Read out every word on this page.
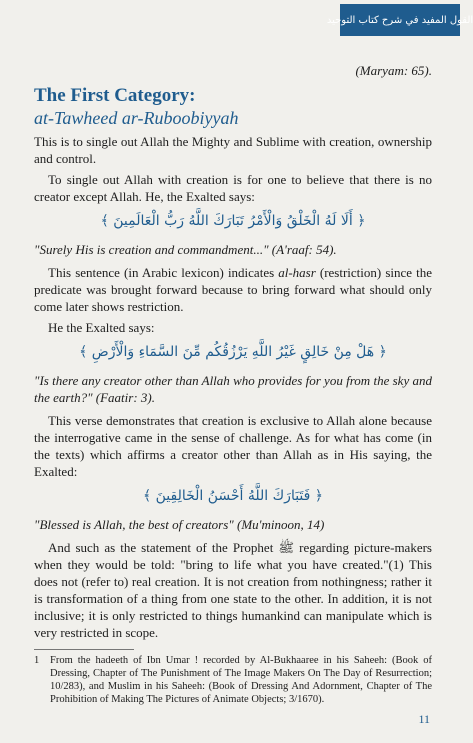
القول المفيد في شرح كتاب التوحيد

(Maryam: 65).

The First Category:
at-Tawheed ar-Ruboobiyyah

This is to single out Allah the Mighty and Sublime with creation, ownership and control.

To single out Allah with creation is for one to believe that there is no creator except Allah. He, the Exalted says:

﴿ أَلَا لَهُ الْخَلْقُ وَالْأَمْرُ تَبَارَكَ اللَّهُ رَبُّ الْعَالَمِينَ ﴾

"Surely His is creation and commandment..." (A'raaf: 54).

This sentence (in Arabic lexicon) indicates al-hasr (restriction) since the predicate was brought forward because to bring forward what should only come later shows restriction.

He the Exalted says:

﴿ هَلْ مِنْ خَالِقٍ غَيْرُ اللَّهِ يَرْزُقُكُم مِّنَ السَّمَاءِ وَالْأَرْضِ ﴾

"Is there any creator other than Allah who provides for you from the sky and the earth?" (Faatir: 3).

This verse demonstrates that creation is exclusive to Allah alone because the interrogative came in the sense of challenge. As for what has come (in the texts) which affirms a creator other than Allah as in His saying, the Exalted:

﴿ فَتَبَارَكَ اللَّهُ أَحْسَنُ الْخَالِقِينَ ﴾

"Blessed is Allah, the best of creators" (Mu'minoon, 14)

And such as the statement of the Prophet ﷺ regarding picture-makers when they would be told: "bring to life what you have created."(1) This does not (refer to) real creation. It is not creation from nothingness; rather it is transformation of a thing from one state to the other. In addition, it is not inclusive; it is only restricted to things humankind can manipulate which is very restricted in scope.

1 From the hadeeth of Ibn Umar ! recorded by Al-Bukhaaree in his Saheeh: (Book of Dressing, Chapter of The Punishment of The Image Makers On The Day of Resurrection; 10/283), and Muslim in his Saheeh: (Book of Dressing And Adornment, Chapter of The Prohibition of Making The Pictures of Animate Objects; 3/1670).

11
